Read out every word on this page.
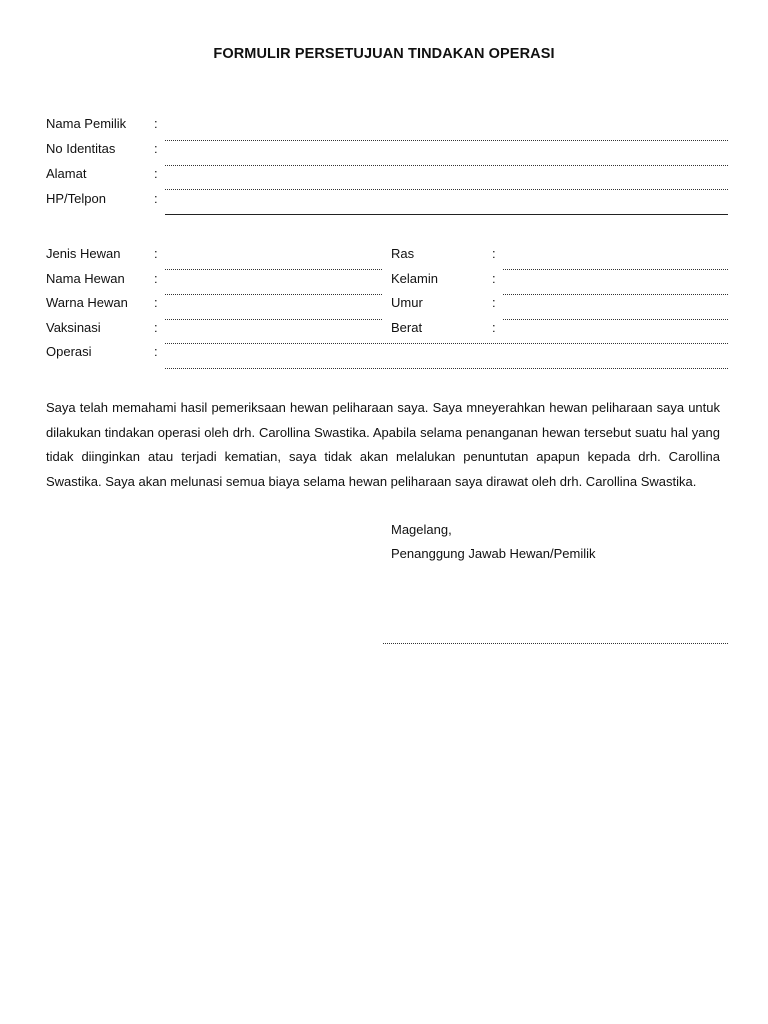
FORMULIR PERSETUJUAN TINDAKAN OPERASI
Nama Pemilik :
No Identitas	:
Alamat	:
HP/Telpon	:
Jenis Hewan	:
Nama Hewan :
Warna Hewan :
Vaksinasi	:
Operasi	:
Ras	:
Kelamin	:
Umur	:
Berat	:
Saya telah memahami hasil pemeriksaan hewan peliharaan saya. Saya mneyerahkan hewan peliharaan saya untuk dilakukan tindakan operasi oleh drh. Carollina Swastika. Apabila selama penanganan hewan tersebut suatu hal yang tidak diinginkan atau terjadi kematian, saya tidak akan melalukan penuntutan apapun kepada drh. Carollina Swastika. Saya akan melunasi semua biaya selama hewan peliharaan saya dirawat oleh drh. Carollina Swastika.
Magelang,
Penanggung Jawab Hewan/Pemilik
